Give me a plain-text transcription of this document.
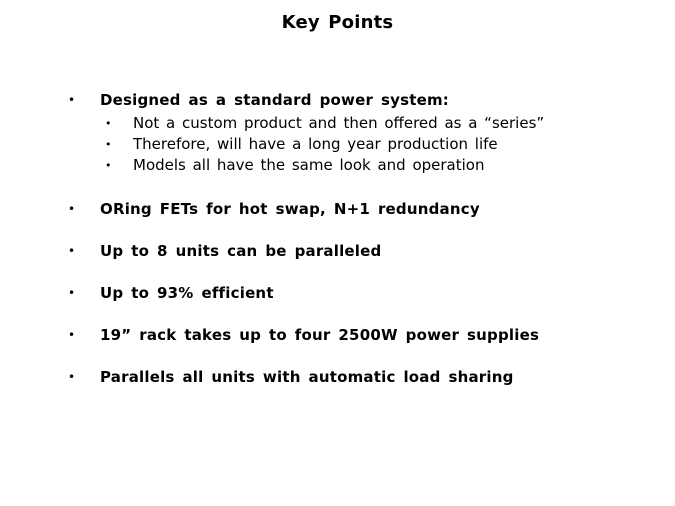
Key Points
•	Designed as a standard power system:
•	Not a custom product and then offered as a “series”
•	Therefore, will have a long year production life
•	Models all have the same look and operation
•	ORing FETs for hot swap, N+1 redundancy
•	Up to 8 units can be paralleled
•	Up to 93% efficient
•	19” rack takes up to four 2500W power supplies
•	Parallels all units with automatic load sharing
